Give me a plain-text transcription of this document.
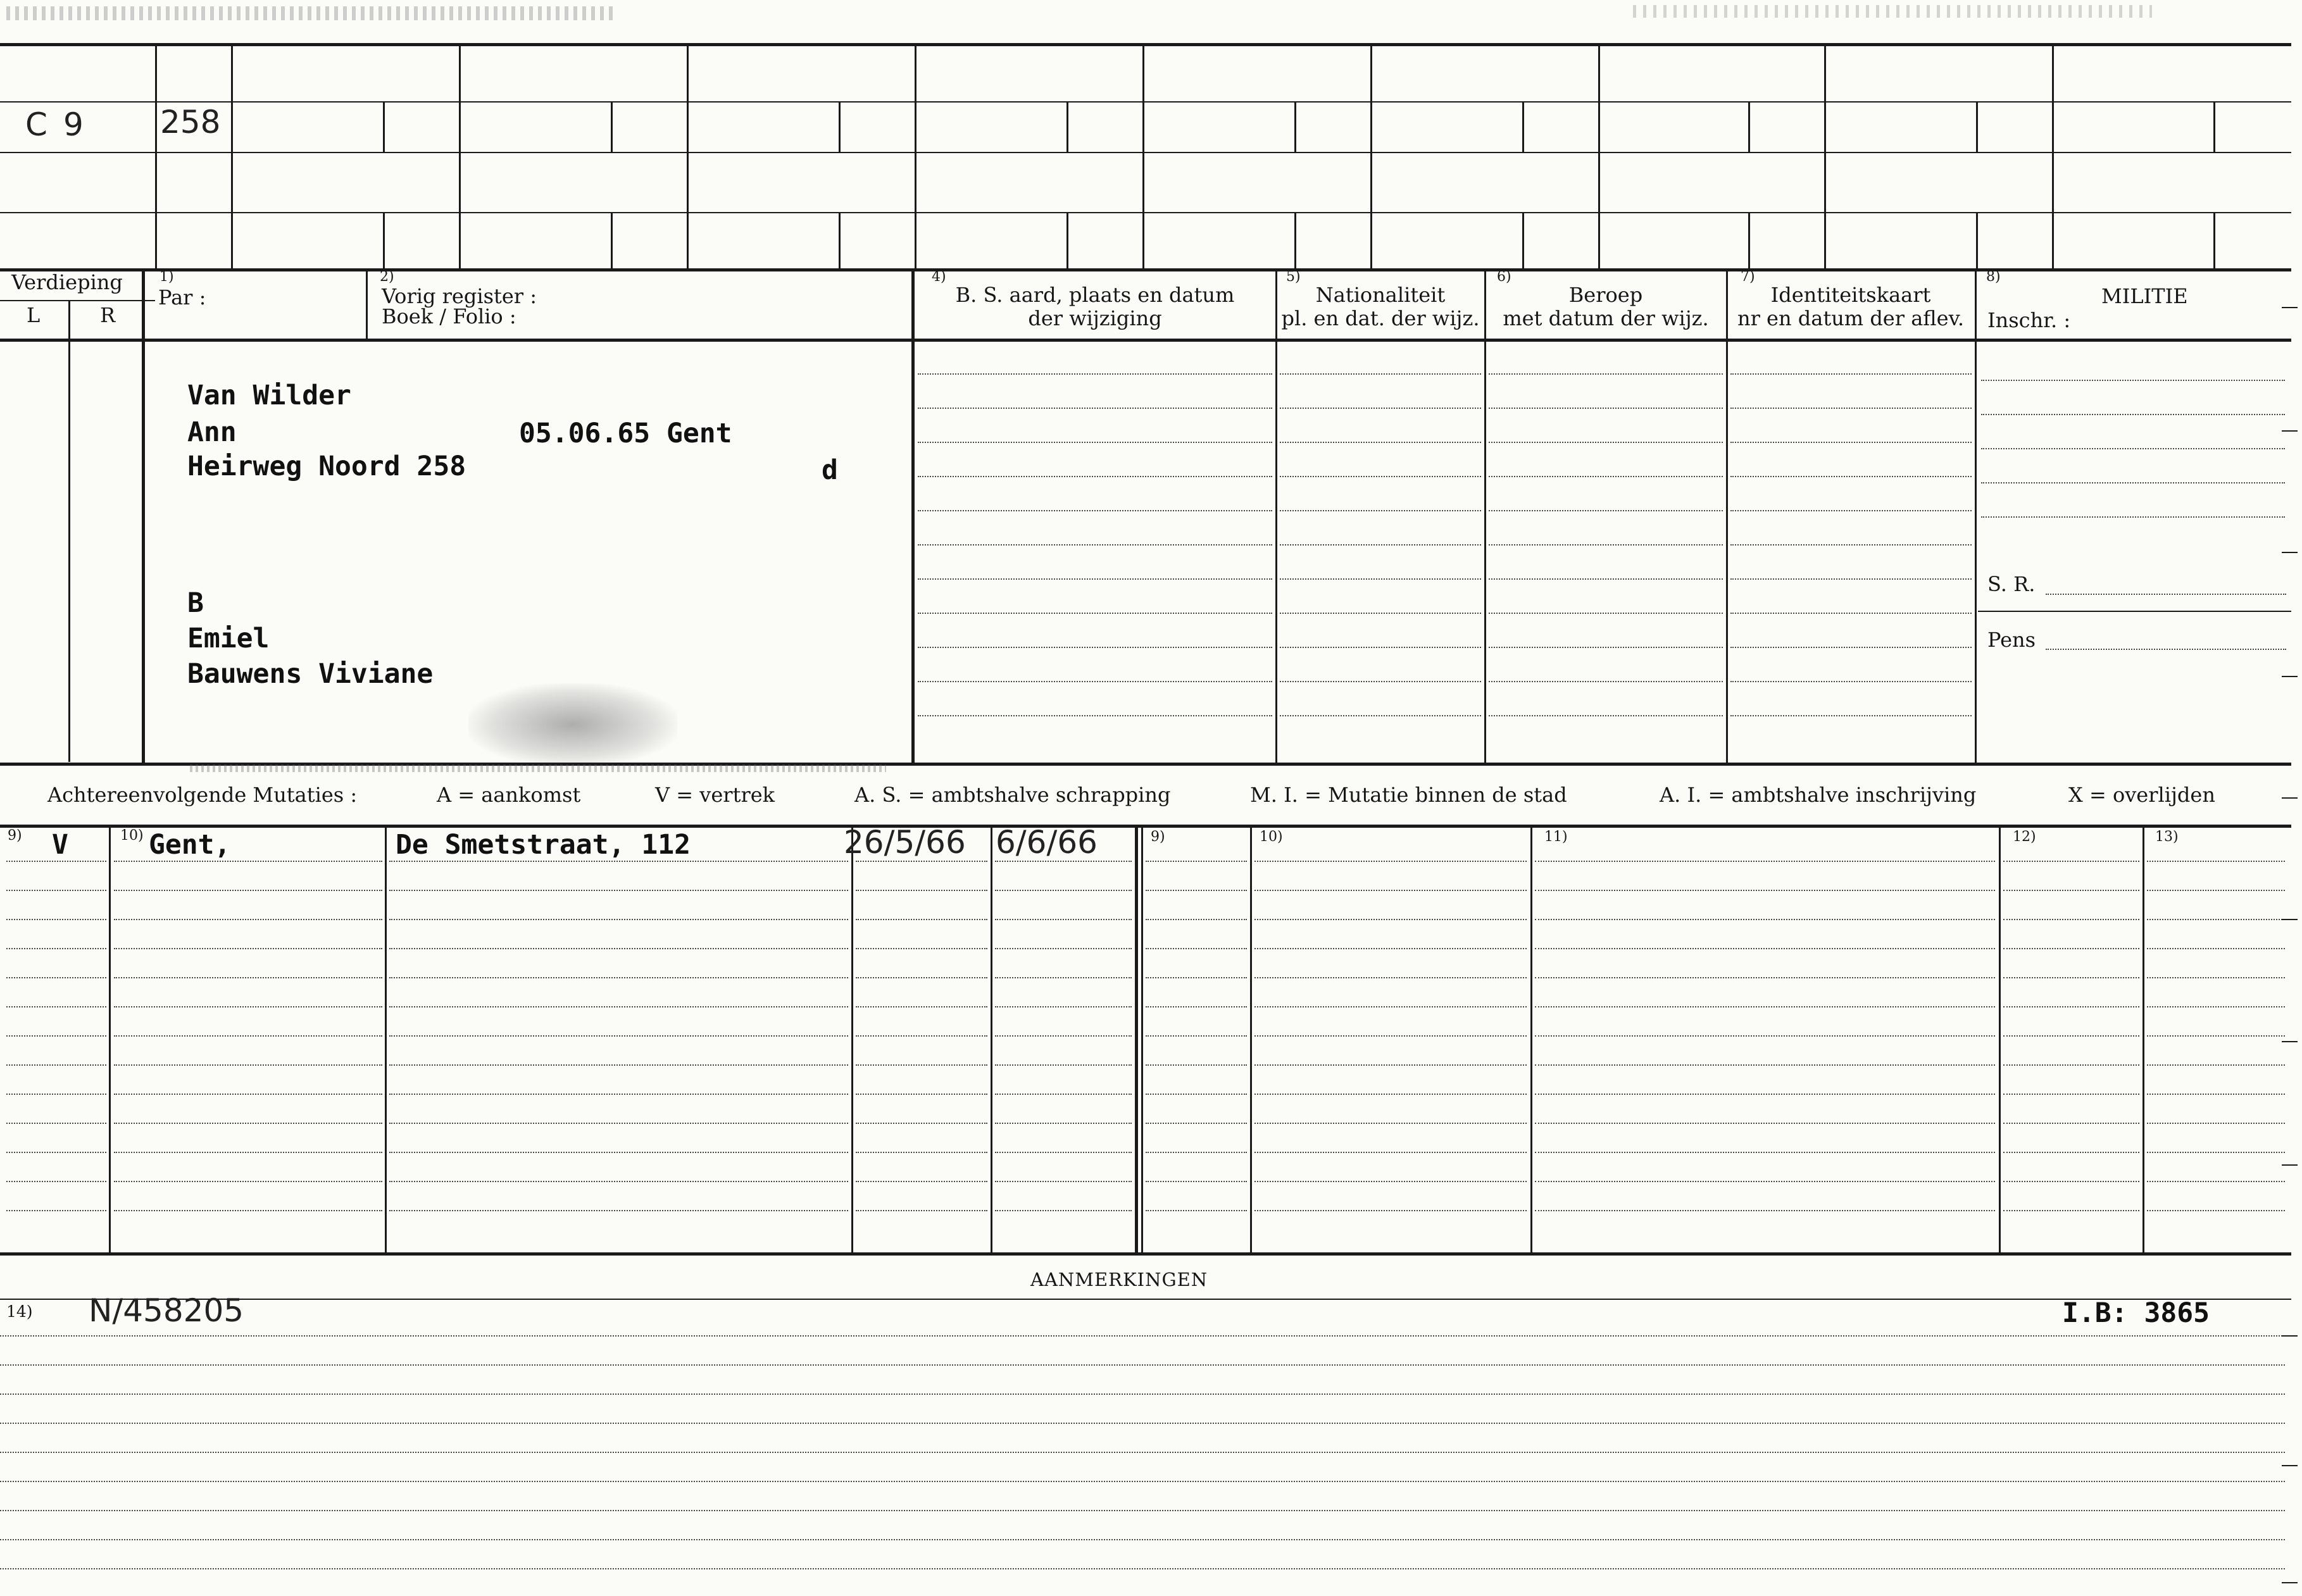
C 9 258
Verdieping
L	R
1)
Par :
2)
Vorig register :
Boek / Folio :
4)
B. S. aard, plaats en datum
der wijziging
5)
Nationaliteit
pl. en dat. der wijz.
6)
Beroep
met datum der wijz.
7)
Identiteitskaart
nr en datum der aflev.
8)
MILITIE
Inschr. :
Van Wilder
Ann	05.06.65 Gent
Heirweg Noord 258	d
B
Emiel
Bauwens Viviane
S. R.
Pens
Achtereenvolgende Mutaties :	A = aankomst	V = vertrek	A. S. = ambtshalve schrapping	M. I. = Mutatie binnen de stad	A. I. = ambtshalve inschrijving	X = overlijden
9)	10)	9)	10)	11)	12)	13)
V	Gent,	De Smetstraat, 112	26/5/66 6/6/66
AANMERKINGEN
14) N/458205	I.B: 3865
